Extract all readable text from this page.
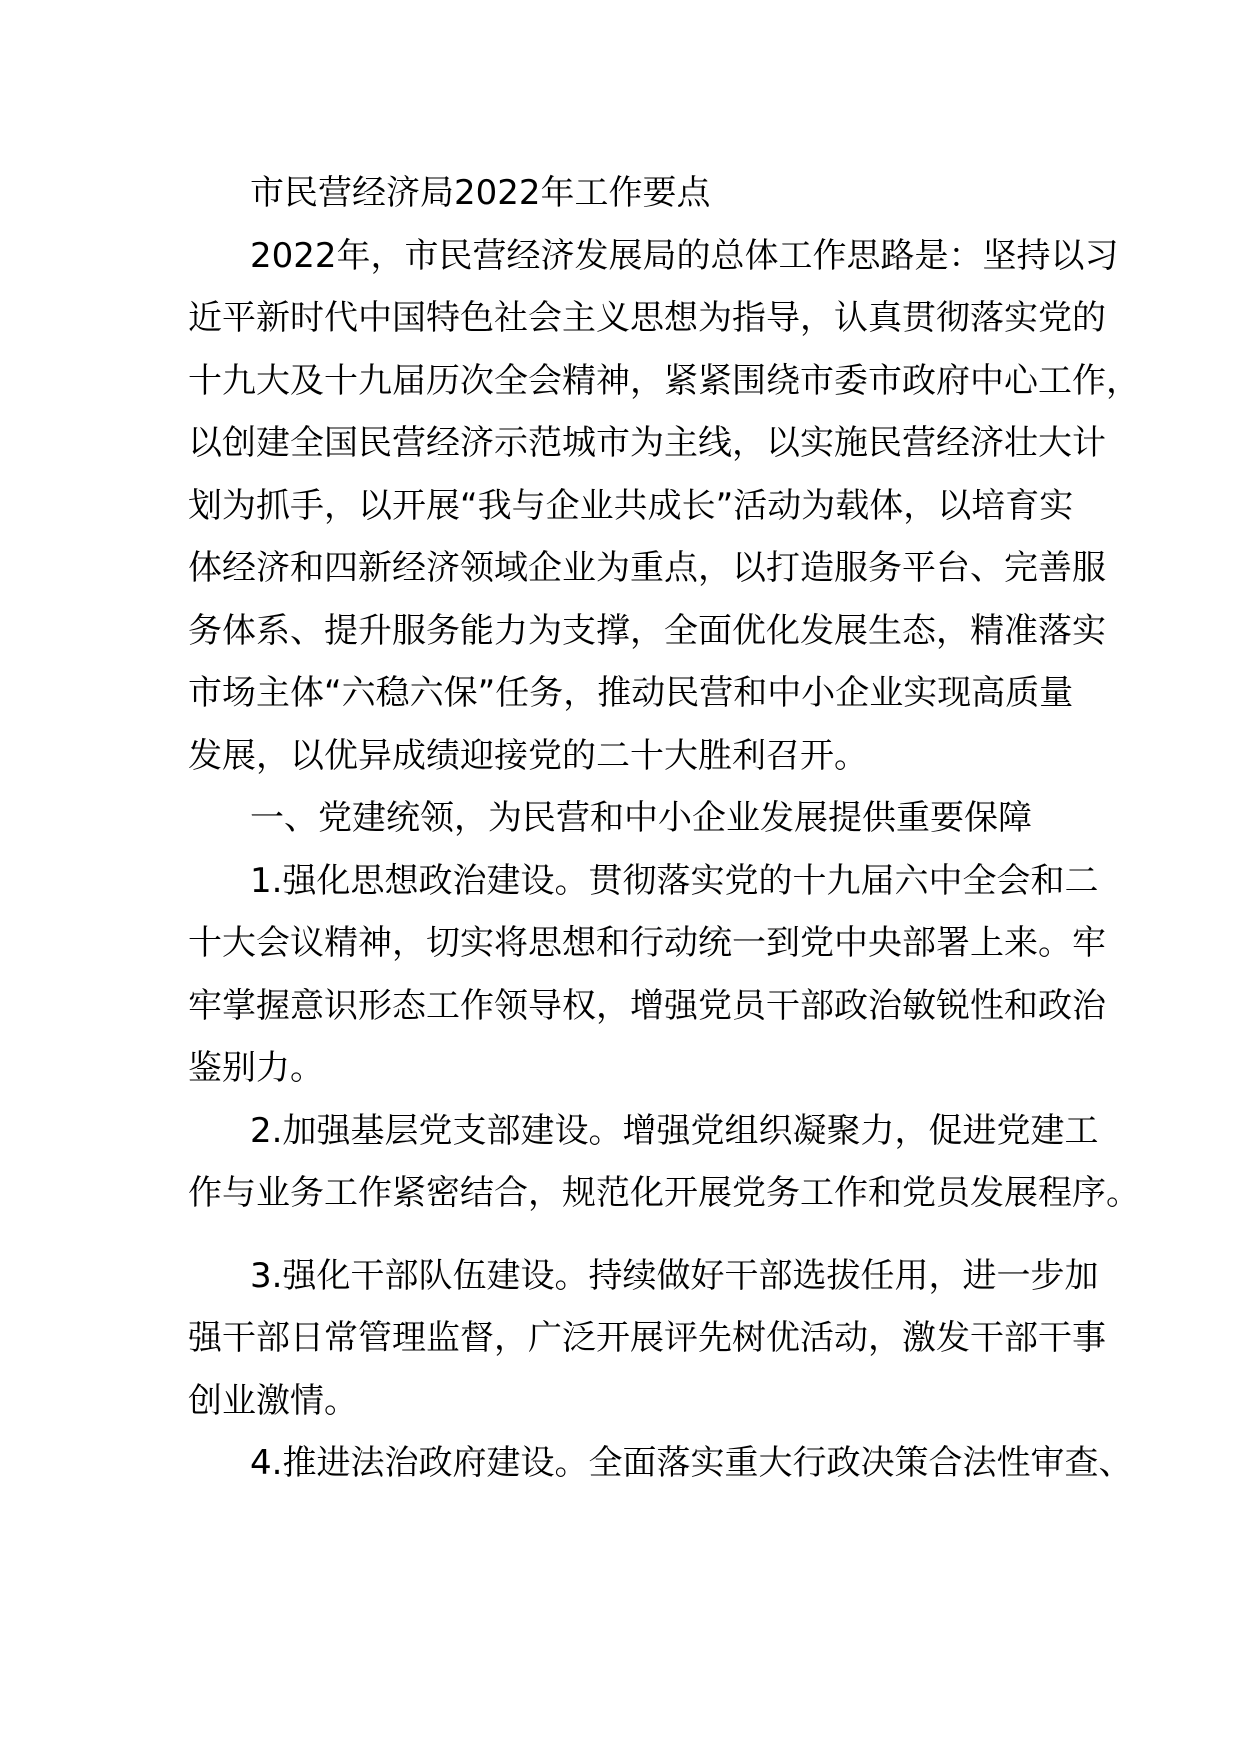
市民营经济局2022年工作要点
2022年，市民营经济发展局的总体工作思路是：坚持以习
近平新时代中国特色社会主义思想为指导，认真贯彻落实党的
十九大及十九届历次全会精神，紧紧围绕市委市政府中心工作，
以创建全国民营经济示范城市为主线，以实施民营经济壮大计
划为抓手，以开展“我与企业共成长”活动为载体，以培育实
体经济和四新经济领域企业为重点，以打造服务平台、完善服
务体系、提升服务能力为支撑，全面优化发展生态，精准落实
市场主体“六稳六保”任务，推动民营和中小企业实现高质量
发展，以优异成绩迎接党的二十大胜利召开。
一、党建统领，为民营和中小企业发展提供重要保障
1.强化思想政治建设。贯彻落实党的十九届六中全会和二
十大会议精神，切实将思想和行动统一到党中央部署上来。牢
牢掌握意识形态工作领导权，增强党员干部政治敏锐性和政治
鉴别力。
2.加强基层党支部建设。增强党组织凝聚力，促进党建工
作与业务工作紧密结合，规范化开展党务工作和党员发展程序。
3.强化干部队伍建设。持续做好干部选拔任用，进一步加
强干部日常管理监督，广泛开展评先树优活动，激发干部干事
创业激情。
4.推进法治政府建设。全面落实重大行政决策合法性审查、
